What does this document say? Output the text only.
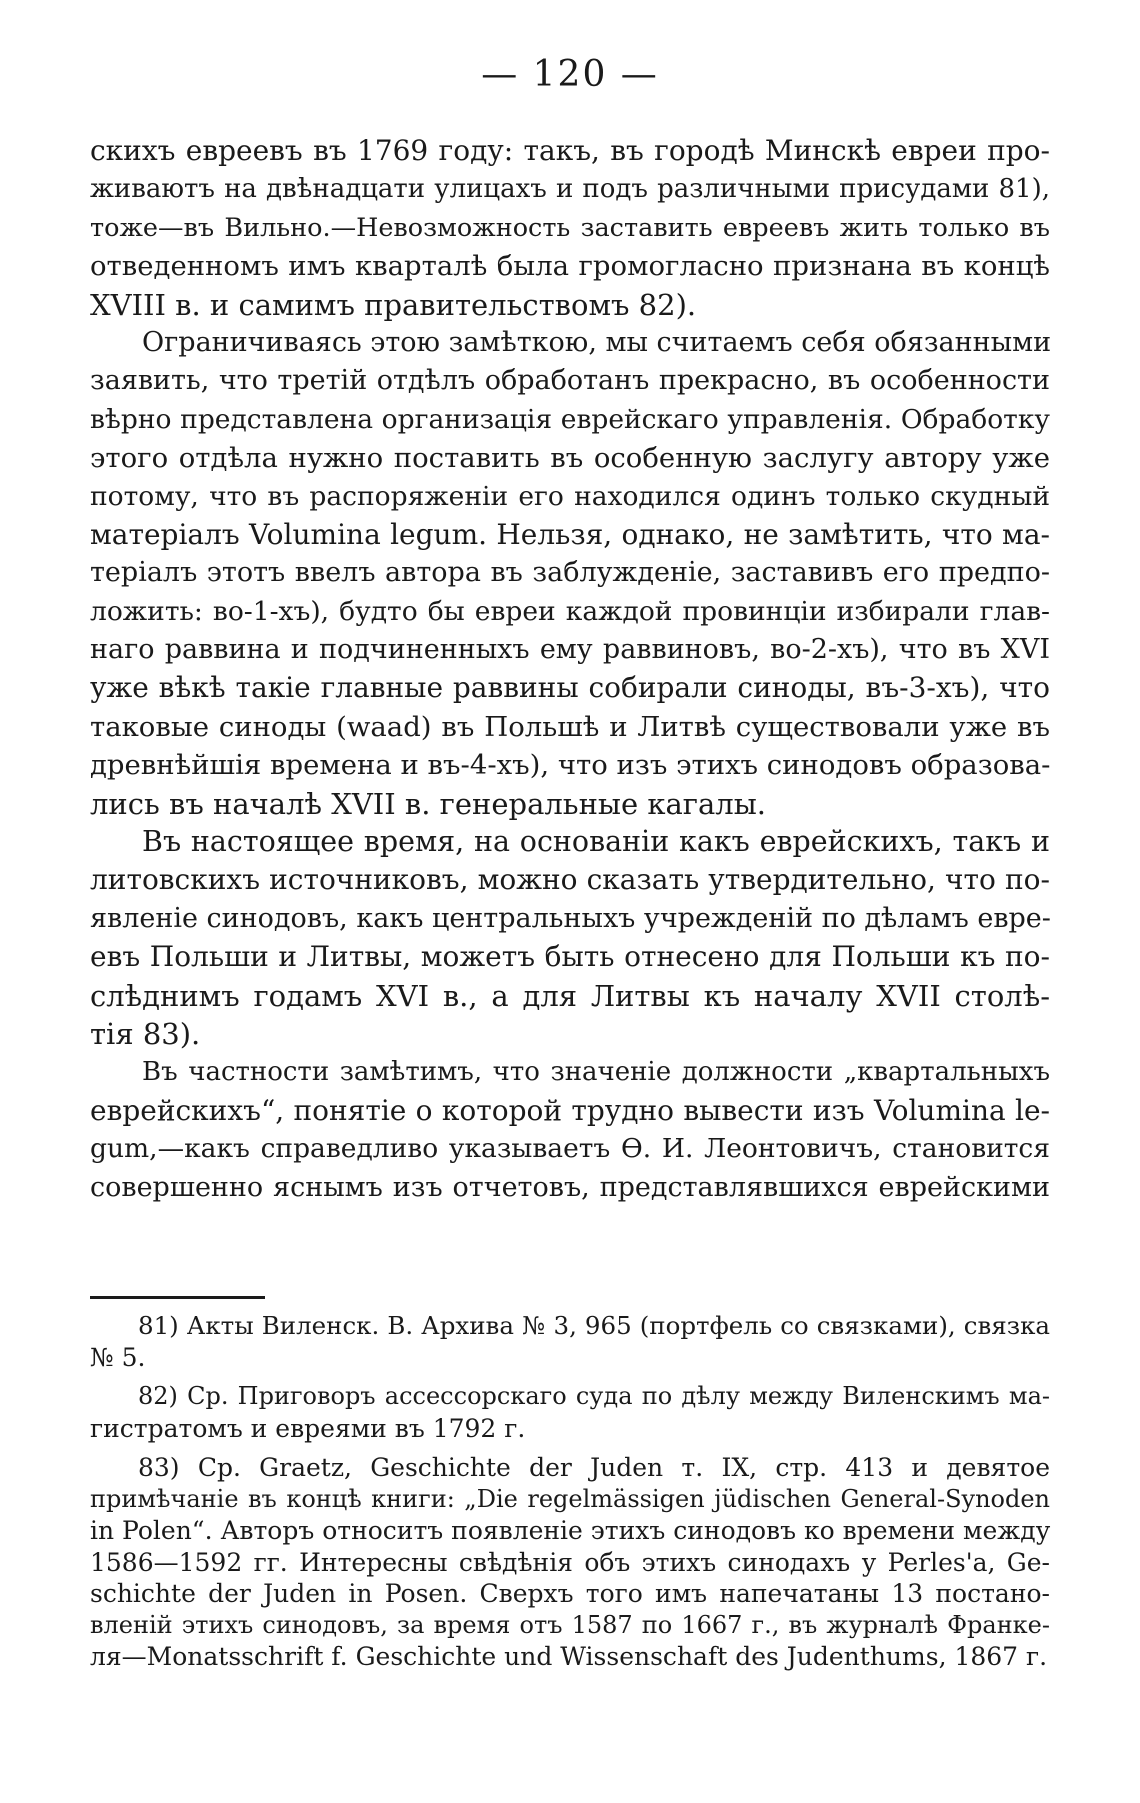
— 120 —
скихъ евреевъ въ 1769 году: такъ, въ городѣ Минскѣ евреи про-
живаютъ на двѣнадцати улицахъ и подъ различными присудами 81),
тоже—въ Вильно.—Невозможность заставить евреевъ жить только въ
отведенномъ имъ кварталѣ была громогласно признана въ концѣ
XVIII в. и самимъ правительствомъ 82).
Ограничиваясь этою замѣткою, мы считаемъ себя обязанными
заявить, что третій отдѣлъ обработанъ прекрасно, въ особенности
вѣрно представлена организація еврейскаго управленія. Обработку
этого отдѣла нужно поставить въ особенную заслугу автору уже
потому, что въ распоряженіи его находился одинъ только скудный
матеріалъ Volumina legum. Нельзя, однако, не замѣтить, что ма-
теріалъ этотъ ввелъ автора въ заблужденіе, заставивъ его предпо-
ложить: во-1-хъ), будто бы евреи каждой провинціи избирали глав-
наго раввина и подчиненныхъ ему раввиновъ, во-2-хъ), что въ XVI
уже вѣкѣ такіе главные раввины собирали синоды, въ-3-хъ), что
таковые синоды (waad) въ Польшѣ и Литвѣ существовали уже въ
древнѣйшія времена и въ-4-хъ), что изъ этихъ синодовъ образова-
лись въ началѣ XVII в. генеральные кагалы.
Въ настоящее время, на основаніи какъ еврейскихъ, такъ и
литовскихъ источниковъ, можно сказать утвердительно, что по-
явленіе синодовъ, какъ центральныхъ учрежденій по дѣламъ евре-
евъ Польши и Литвы, можетъ быть отнесено для Польши къ по-
слѣднимъ годамъ XVI в., а для Литвы къ началу XVII столѣ-
тія 83).
Въ частности замѣтимъ, что значеніе должности „квартальныхъ
еврейскихъ“, понятіе о которой трудно вывести изъ Volumina le-
gum,—какъ справедливо указываетъ Ѳ. И. Леонтовичъ, становится
совершенно яснымъ изъ отчетовъ, представлявшихся еврейскими
81) Акты Виленск. В. Архива № 3, 965 (портфель со связками), связка
№ 5.
82) Ср. Приговоръ ассессорскаго суда по дѣлу между Виленскимъ ма-
гистратомъ и евреями въ 1792 г.
83) Ср. Graetz, Geschichte der Juden т. IX, стр. 413 и девятое
примѣчаніе въ концѣ книги: „Die regelmässigen jüdischen General-Synoden
in Polen“. Авторъ относитъ появленіе этихъ синодовъ ко времени между
1586—1592 гг. Интересны свѣдѣнія объ этихъ синодахъ у Perles'a, Ge-
schichte der Juden in Posen. Сверхъ того имъ напечатаны 13 постано-
вленій этихъ синодовъ, за время отъ 1587 по 1667 г., въ журналѣ Франке-
ля—Monatsschrift f. Geschichte und Wissenschaft des Judenthums, 1867 г.
